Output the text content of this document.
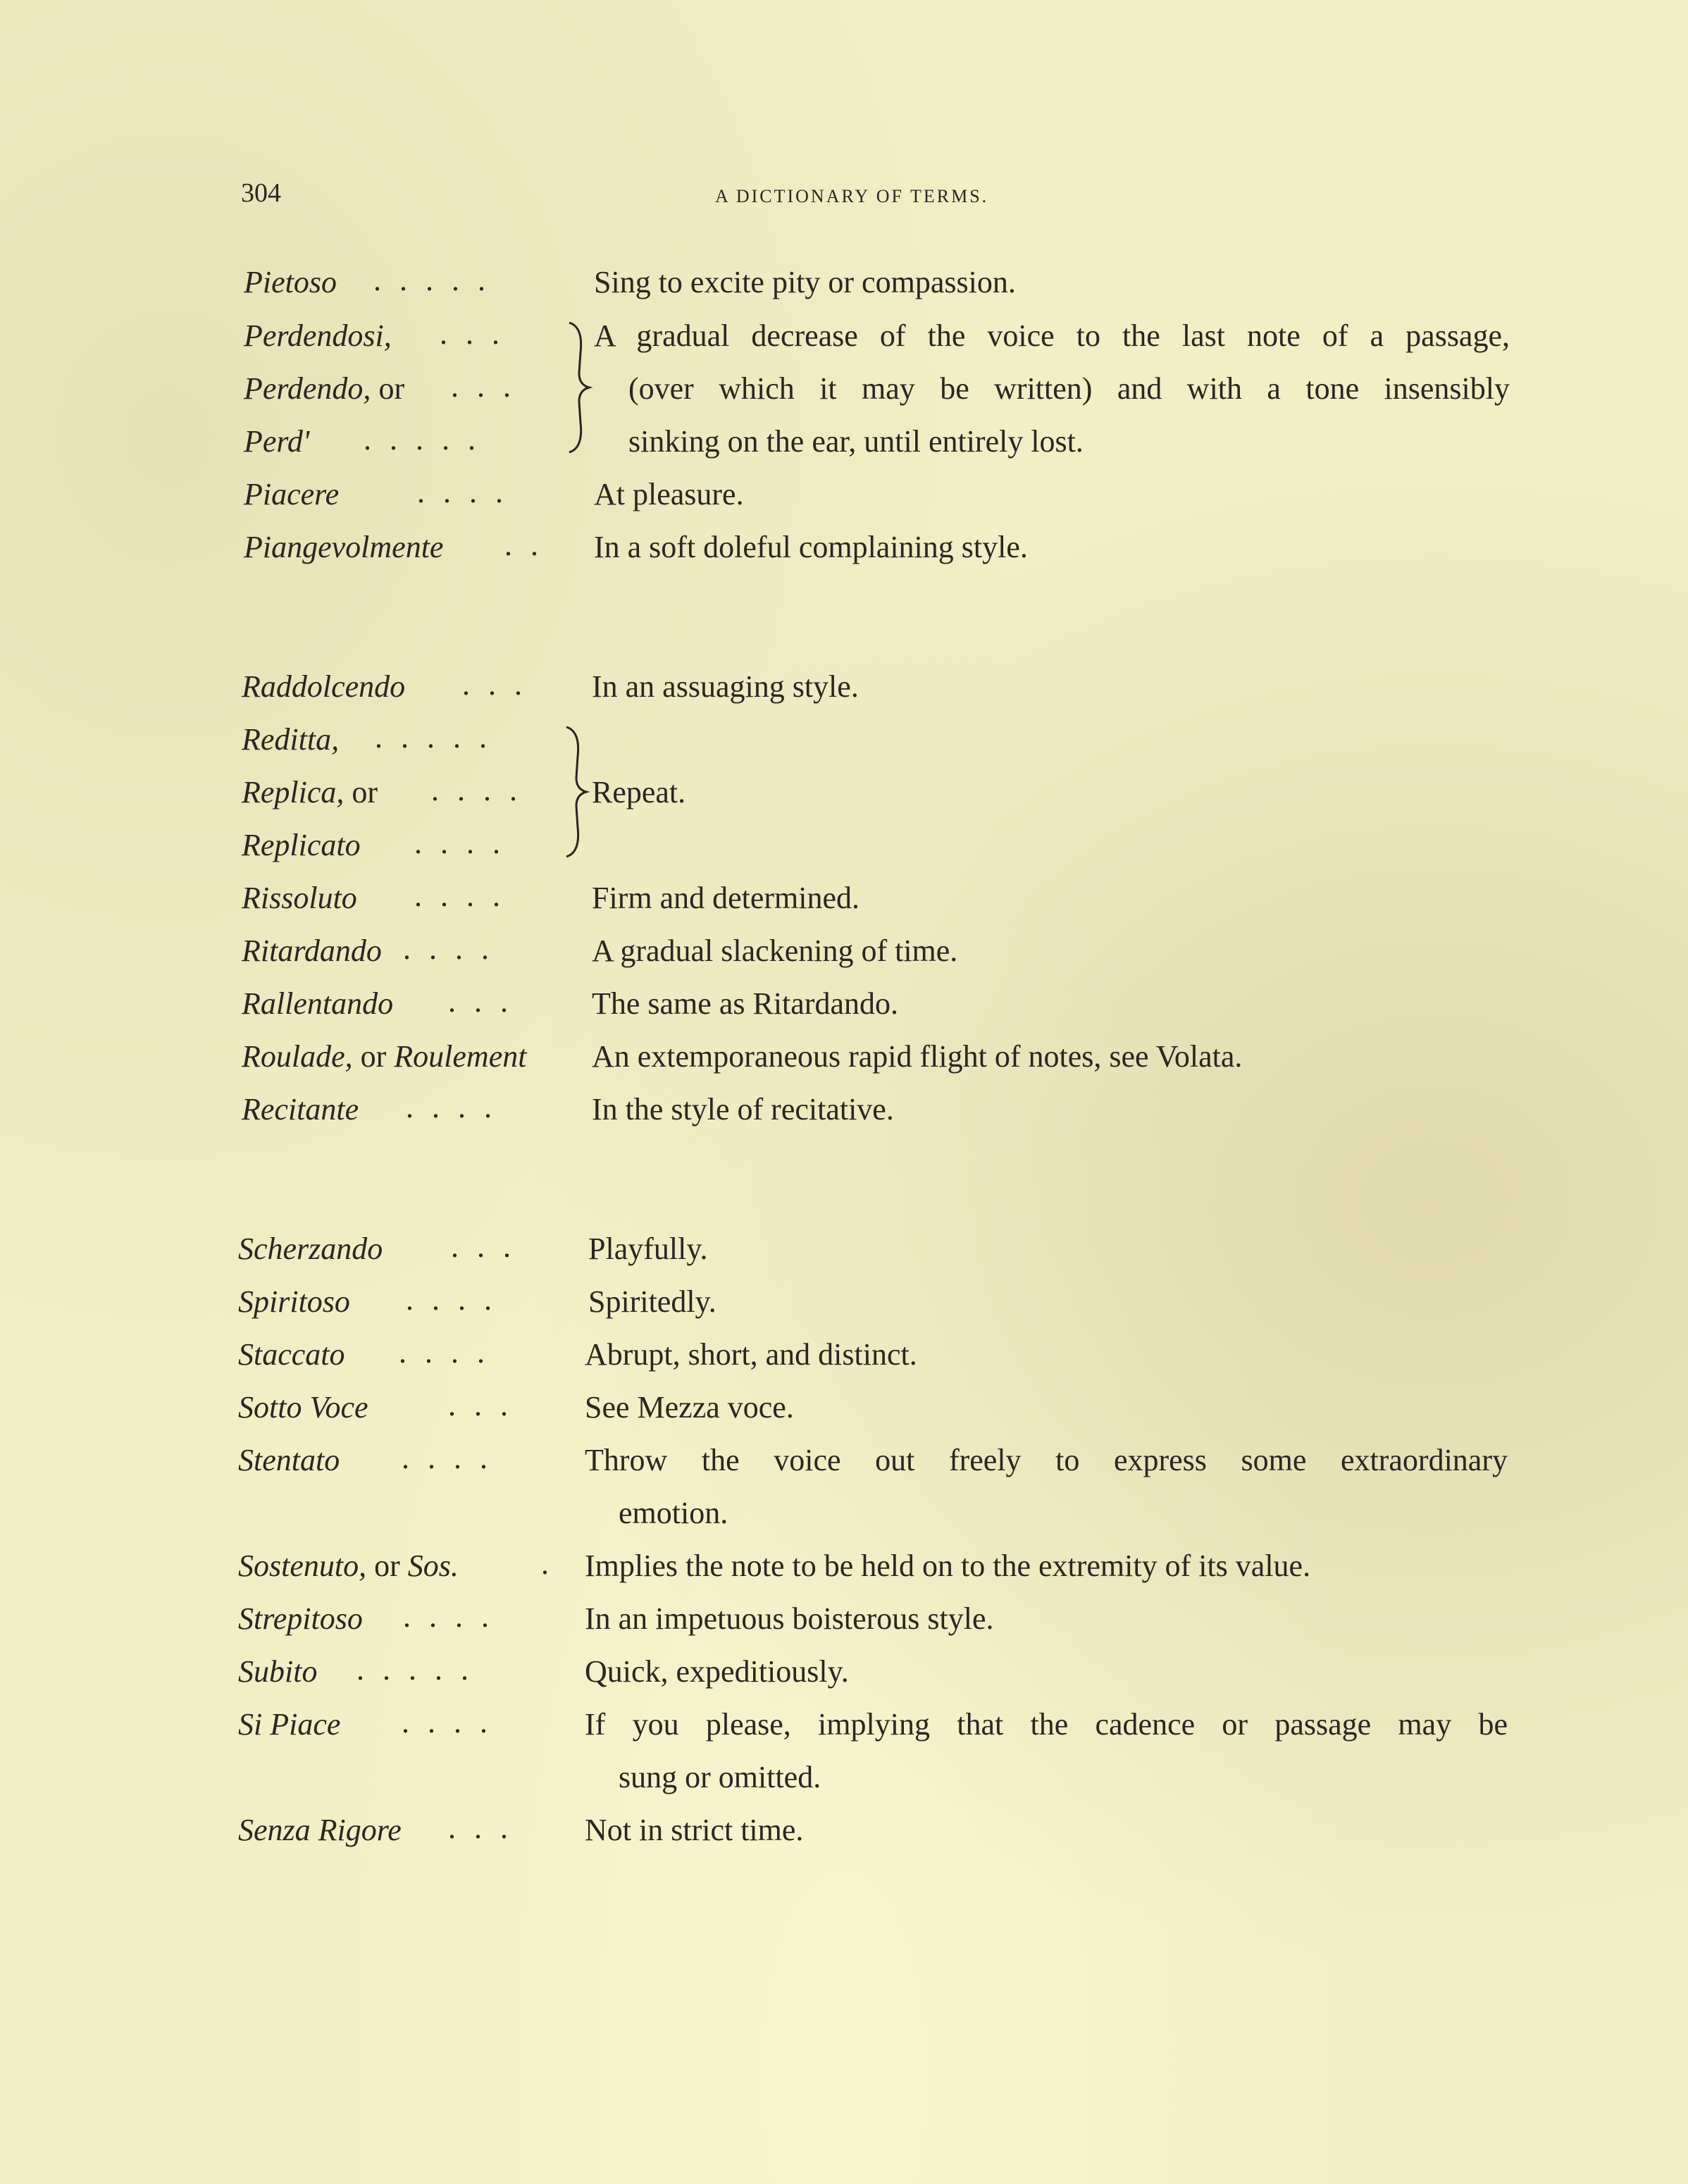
304	A DICTIONARY OF TERMS.
Pietoso .....	Sing to excite pity or compassion.
Perdendosi, ... A gradual decrease of the voice to the last note of a passage,
Perdendo, or ...	(over which it may be written) and with a tone insensibly
Perd' .....	sinking on the ear, until entirely lost.
Piacere	.... At pleasure.
Piangevolmente .. In a soft doleful complaining style.
Raddolcendo ... In an assuaging style.
Reditta, .....
Replica, or ....
Replicato ....
Repeat.
Rissoluto .... Firm and determined.
Ritardando ....	A gradual slackening of time.
Rallentando ... The same as Ritardando.
Roulade, or Roulement An extemporaneous rapid flight of notes, see Volata.
Recitante ....	In the style of recitative.
Scherzando ... Playfully.
Spiritoso ....	Spiritedly.
Staccato ....	Abrupt, short, and distinct.
Sotto Voce	... See Mezza voce.
Stentato ....	Throw the voice out freely to express some extraordinary
emotion.
Sostenuto, or Sos.	. Implies the note to be held on to the extremity of its value.
Strepitoso ....	In an impetuous boisterous style.
Subito .....	Quick, expeditiously.
Si Piace ....	If you please, implying that the cadence or passage may be
sung or omitted.
Senza Rigore ... Not in strict time.
